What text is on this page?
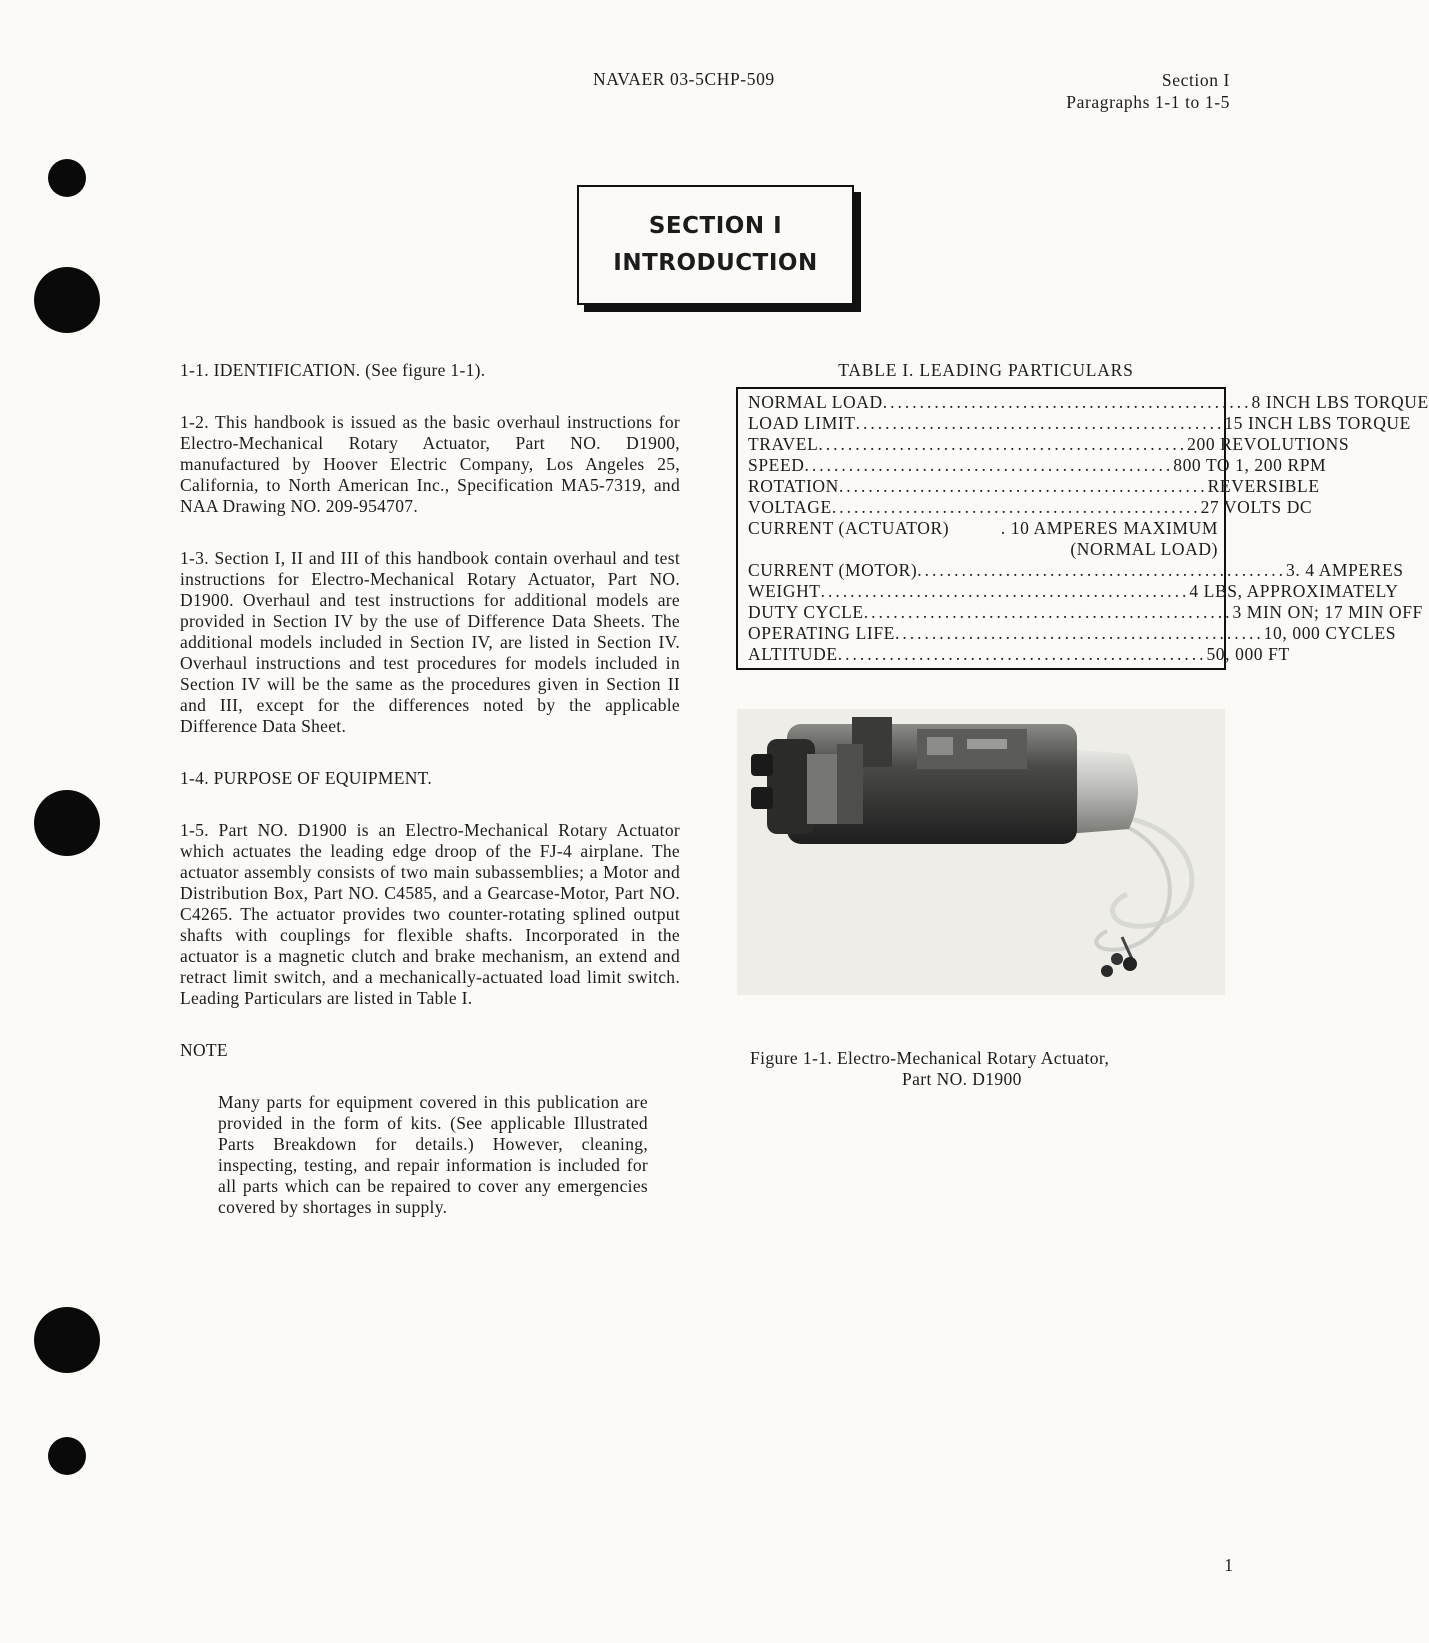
NAVAER 03-5CHP-509	Section I
Paragraphs 1-1 to 1-5
SECTION I
INTRODUCTION

1-1. IDENTIFICATION. (See figure 1-1).

1-2. This handbook is issued as the basic overhaul instructions for Electro-Mechanical Rotary Actuator, Part NO. D1900, manufactured by Hoover Electric Company, Los Angeles 25, California, to North American Inc., Specification MA5-7319, and NAA Drawing NO. 209-954707.

1-3. Section I, II and III of this handbook contain overhaul and test instructions for Electro-Mechanical Rotary Actuator, Part NO. D1900. Overhaul and test instructions for additional models are provided in Section IV by the use of Difference Data Sheets. The additional models included in Section IV, are listed in Section IV. Overhaul instructions and test procedures for models included in Section IV will be the same as the procedures given in Section II and III, except for the differences noted by the applicable Difference Data Sheet.

1-4. PURPOSE OF EQUIPMENT.

1-5. Part NO. D1900 is an Electro-Mechanical Rotary Actuator which actuates the leading edge droop of the FJ-4 airplane. The actuator assembly consists of two main subassemblies; a Motor and Distribution Box, Part NO. C4585, and a Gearcase-Motor, Part NO. C4265. The actuator provides two counter-rotating splined output shafts with couplings for flexible shafts. Incorporated in the actuator is a magnetic clutch and brake mechanism, an extend and retract limit switch, and a mechanically-actuated load limit switch. Leading Particulars are listed in Table I.

NOTE

Many parts for equipment covered in this publication are provided in the form of kits. (See applicable Illustrated Parts Breakdown for details.) However, cleaning, inspecting, testing, and repair information is included for all parts which can be repaired to cover any emergencies covered by shortages in supply.

TABLE I. LEADING PARTICULARS
NORMAL LOAD .................................................. 8 INCH LBS TORQUE
LOAD LIMIT .................................................. 15 INCH LBS TORQUE
TRAVEL .................................................. 200 REVOLUTIONS
SPEED .................................................. 800 TO 1, 200 RPM
ROTATION .................................................. REVERSIBLE
VOLTAGE .................................................. 27 VOLTS DC
CURRENT (ACTUATOR)	. 10 AMPERES MAXIMUM
(NORMAL LOAD)
CURRENT (MOTOR) .................................................. 3. 4 AMPERES
WEIGHT .................................................. 4 LBS, APPROXIMATELY
DUTY CYCLE .................................................. 3 MIN ON; 17 MIN OFF
OPERATING LIFE .................................................. 10, 000 CYCLES
ALTITUDE .................................................. 50, 000 FT
Figure 1-1. Electro-Mechanical Rotary Actuator,
Part NO. D1900
1
